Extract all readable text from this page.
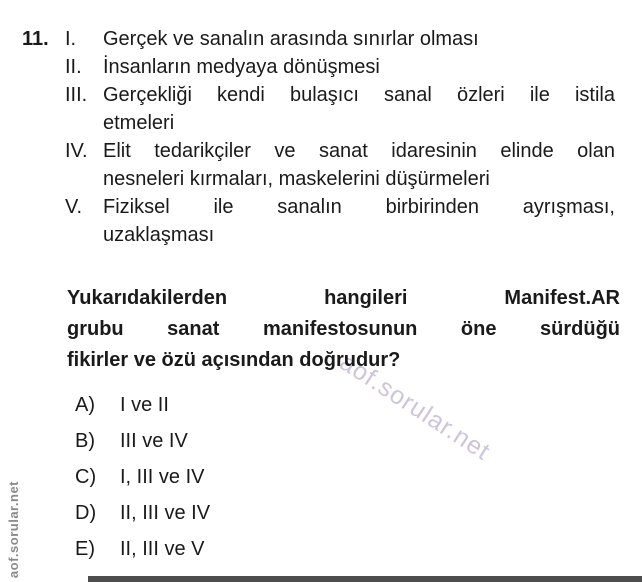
aof.sorular.net
aof.sorular.net
11. I.	Gerçek ve sanalın arasında sınırlar olması
II.	İnsanların medyaya dönüşmesi
III. Gerçekliği kendi bulaşıcı sanal özleri ile istila
etmeleri
IV. Elit tedarikçiler ve sanat idaresinin elinde olan
nesneleri kırmaları, maskelerini düşürmeleri
V.	Fiziksel ile sanalın birbirinden ayrışması,
uzaklaşması
Yukarıdakilerden hangileri Manifest.AR
grubu sanat manifestosunun öne sürdüğü
fikirler ve özü açısından doğrudur?
A)	I ve II
B)	III ve IV
C)	I, III ve IV
D)	II, III ve IV
E)	II, III ve V
